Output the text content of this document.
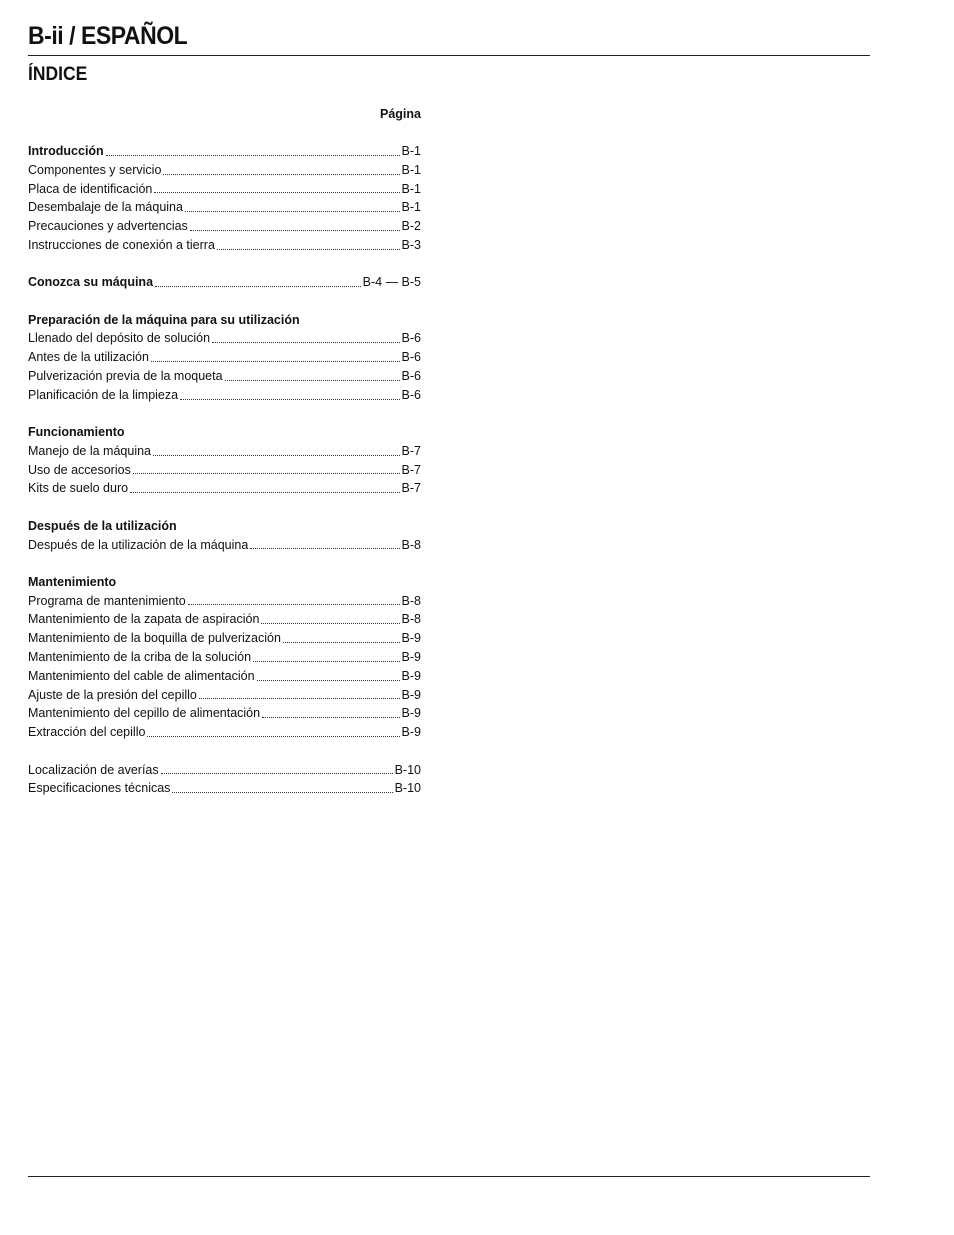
B-ii / ESPAÑOL
ÍNDICE
Página
Introducción	B-1
Componentes y servicio	B-1
Placa de identificación	B-1
Desembalaje de la máquina	B-1
Precauciones y advertencias	B-2
Instrucciones de conexión a tierra	B-3
Conozca su máquina	B-4 — B-5
Preparación de la máquina para su utilización
Llenado del depósito de solución	B-6
Antes de la utilización	B-6
Pulverización previa de la moqueta	B-6
Planificación de la limpieza	B-6
Funcionamiento
Manejo de la máquina	B-7
Uso de accesorios	B-7
Kits de suelo duro	B-7
Después de la utilización
Después de la utilización de la máquina	B-8
Mantenimiento
Programa de mantenimiento	B-8
Mantenimiento de la zapata de aspiración	B-8
Mantenimiento de la boquilla de pulverización	B-9
Mantenimiento de la criba de la solución	B-9
Mantenimiento del cable de alimentación	B-9
Ajuste de la presión del cepillo	B-9
Mantenimiento del cepillo de alimentación	B-9
Extracción del cepillo	B-9
Localización de averías	B-10
Especificaciones técnicas	B-10
